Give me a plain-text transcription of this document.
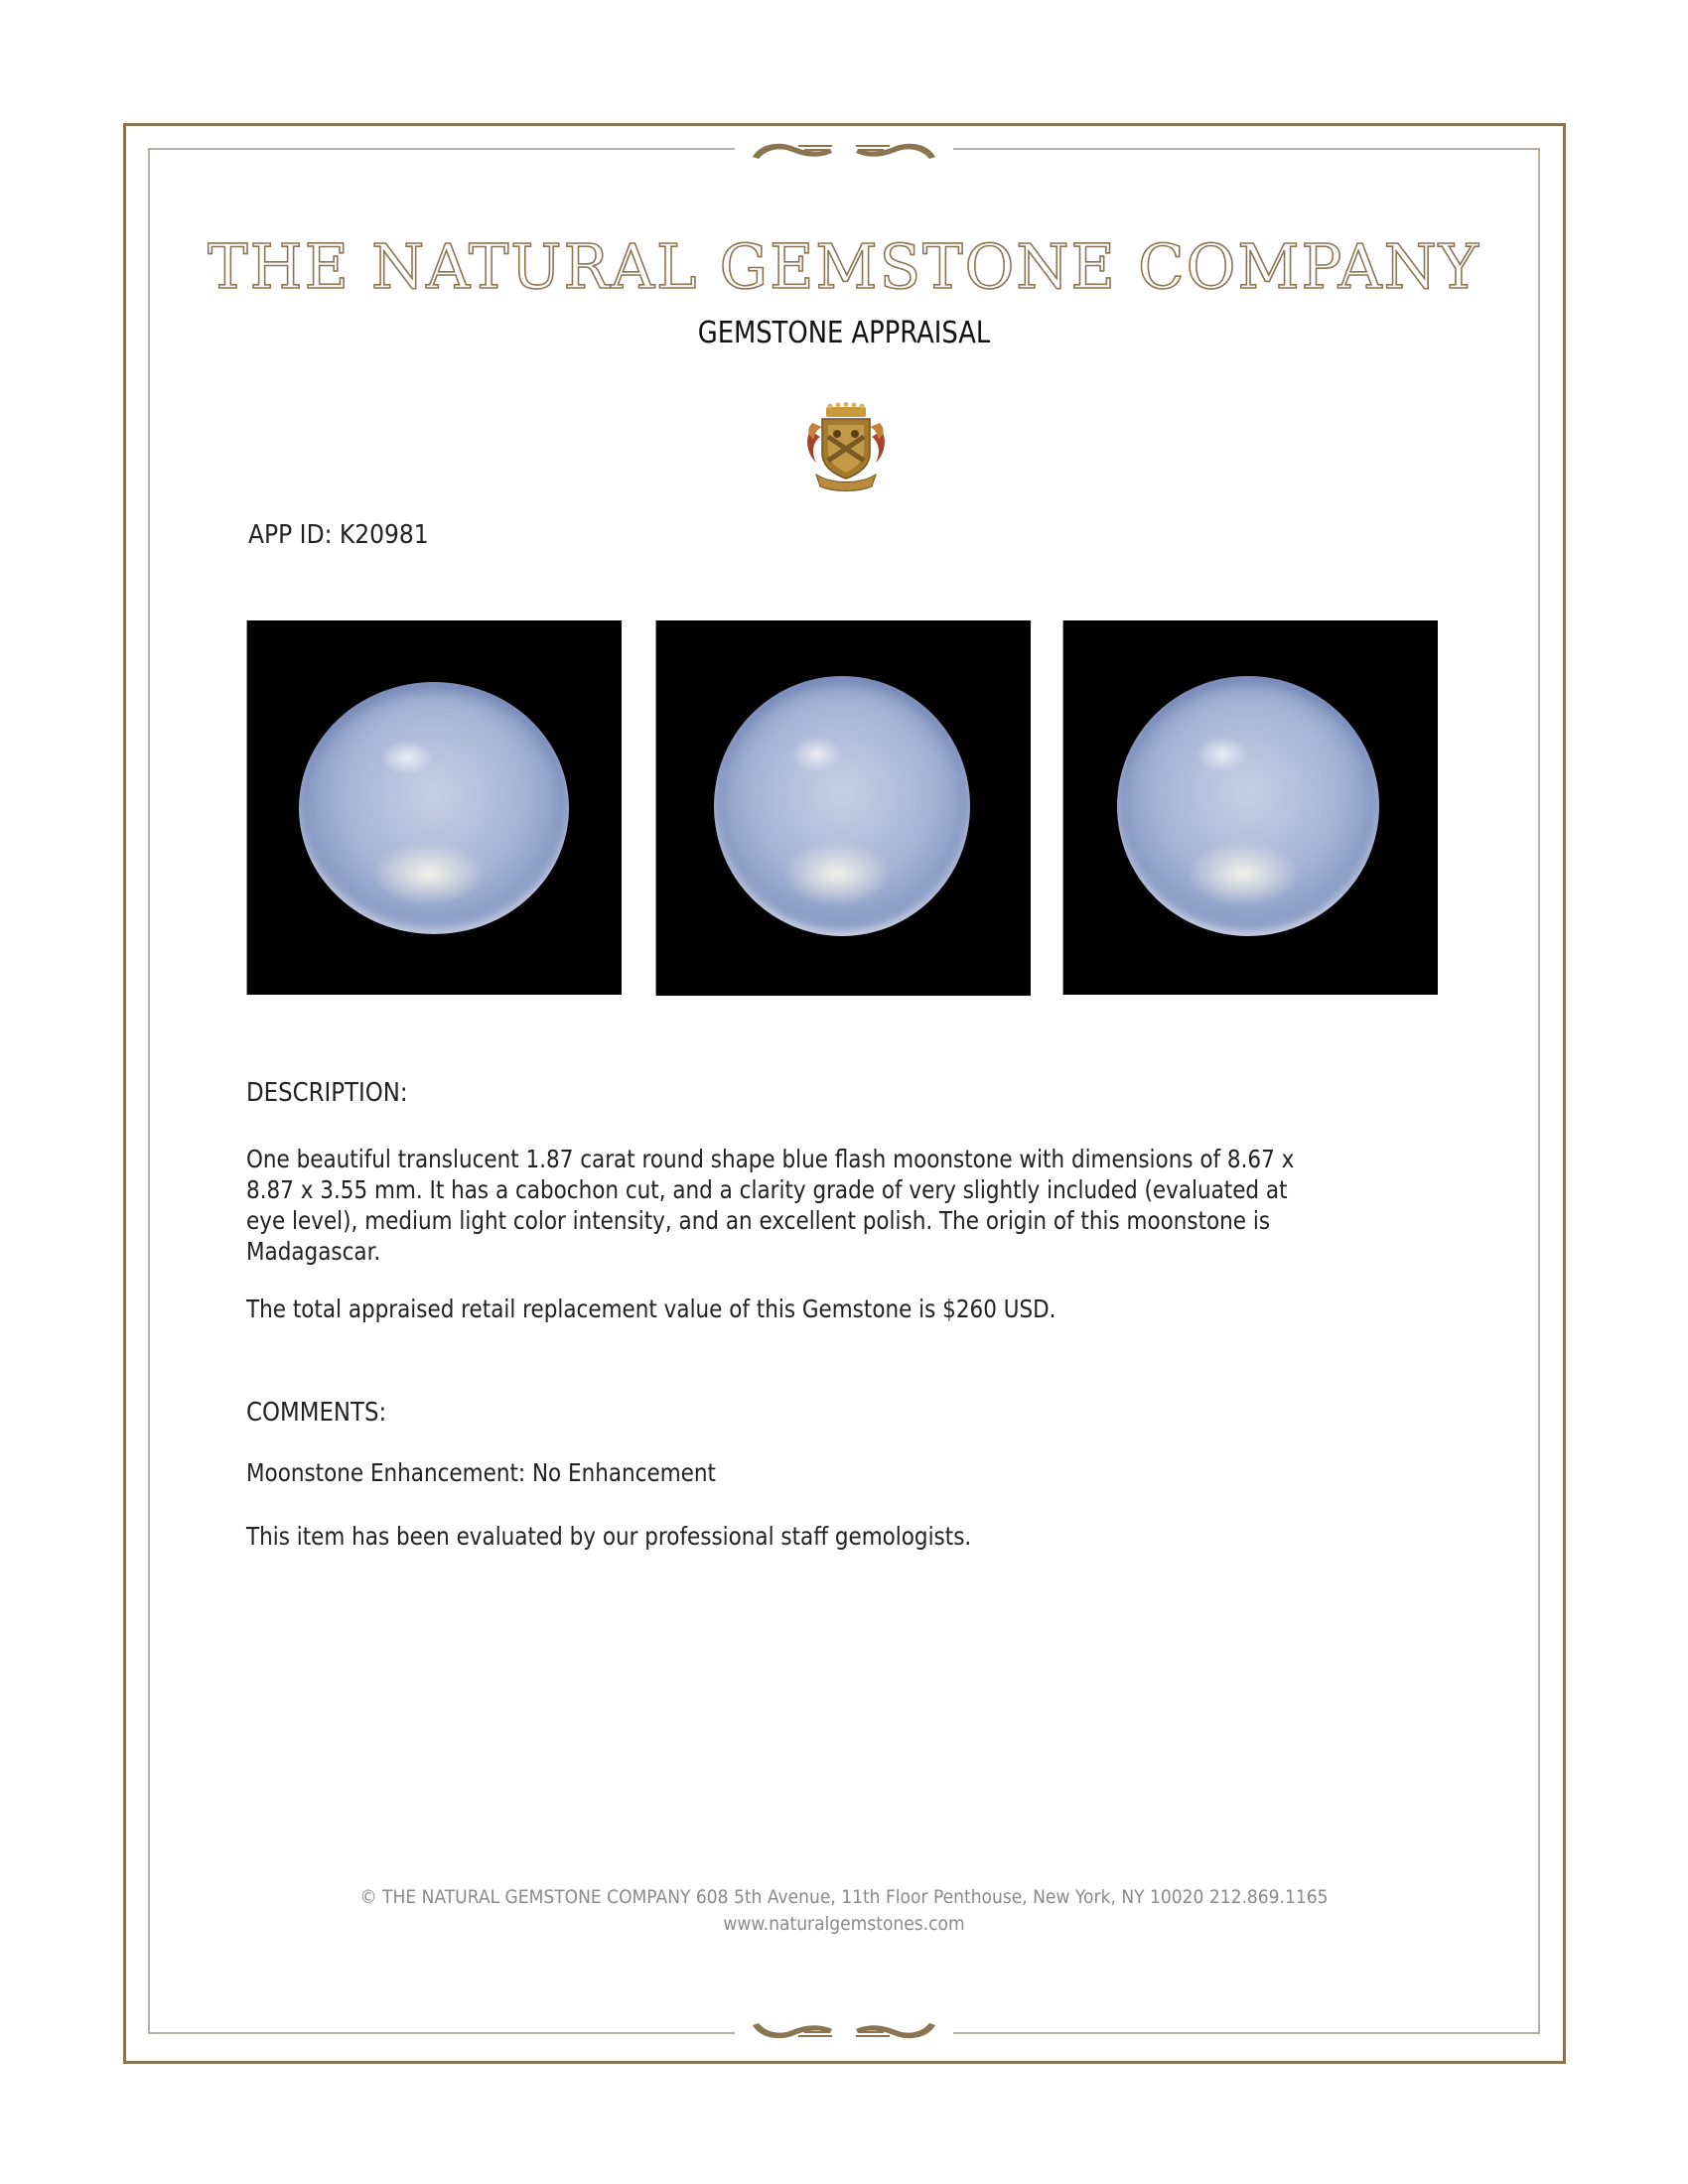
THE NATURAL GEMSTONE COMPANY
GEMSTONE APPRAISAL
APP ID: K20981
DESCRIPTION:
One beautiful translucent 1.87 carat round shape blue flash moonstone with dimensions of 8.67 x
8.87 x 3.55 mm. It has a cabochon cut, and a clarity grade of very slightly included (evaluated at
eye level), medium light color intensity, and an excellent polish. The origin of this moonstone is
Madagascar.
The total appraised retail replacement value of this Gemstone is $260 USD.
COMMENTS:
Moonstone Enhancement: No Enhancement
This item has been evaluated by our professional staff gemologists.
© THE NATURAL GEMSTONE COMPANY 608 5th Avenue, 11th Floor Penthouse, New York, NY 10020 212.869.1165
www.naturalgemstones.com
